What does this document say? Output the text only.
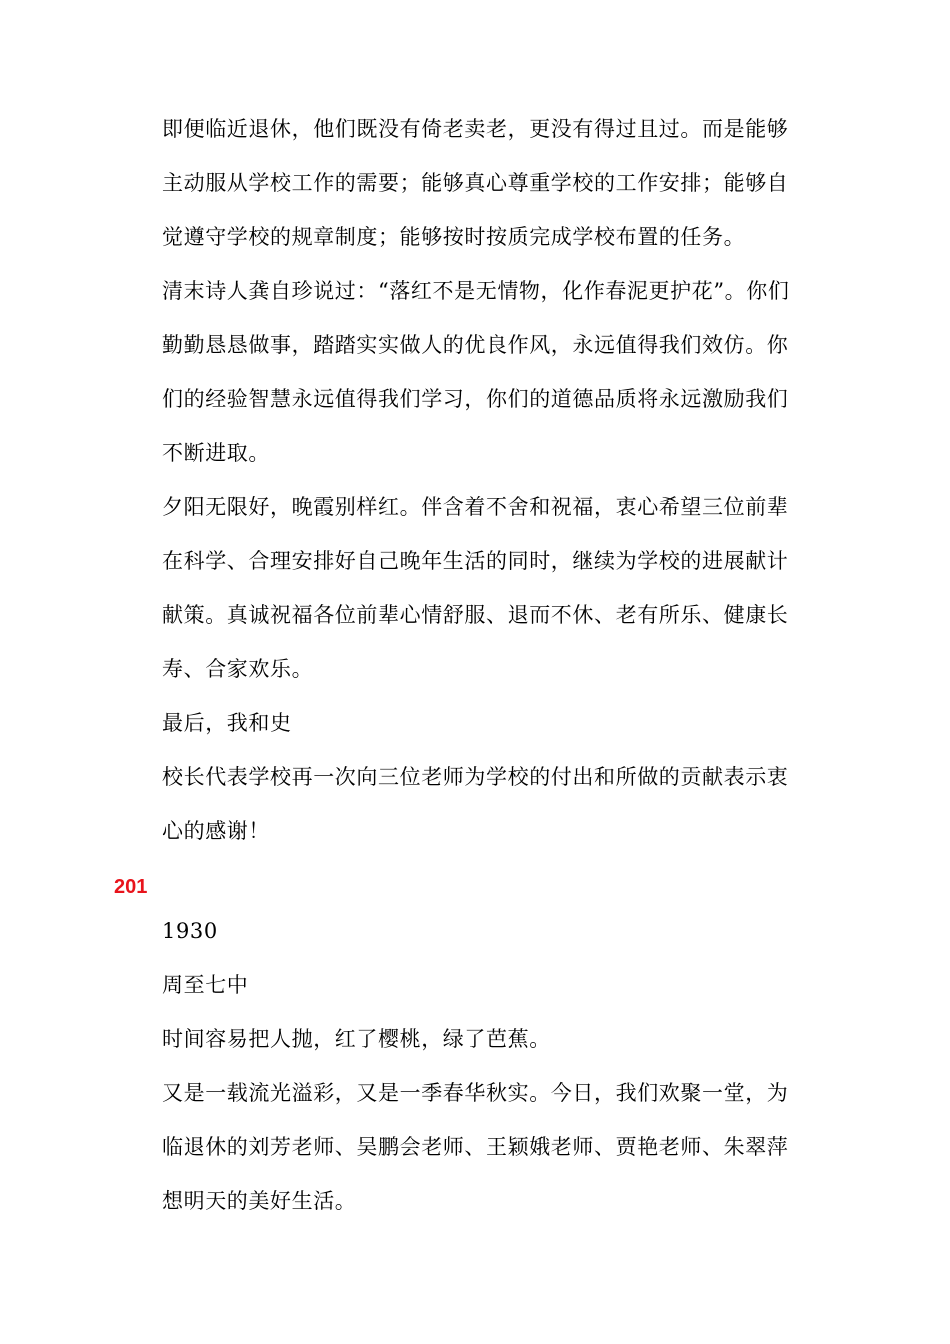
即便临近退休，他们既没有倚老卖老，更没有得过且过。而是能够
主动服从学校工作的需要；能够真心尊重学校的工作安排；能够自
觉遵守学校的规章制度；能够按时按质完成学校布置的任务。
清末诗人龚自珍说过：“落红不是无情物，化作春泥更护花”。你们
勤勤恳恳做事，踏踏实实做人的优良作风，永远值得我们效仿。你
们的经验智慧永远值得我们学习，你们的道德品质将永远激励我们
不断进取。
夕阳无限好，晚霞别样红。伴含着不舍和祝福，衷心希望三位前辈
在科学、合理安排好自己晚年生活的同时，继续为学校的进展献计
献策。真诚祝福各位前辈心情舒服、退而不休、老有所乐、健康长
寿、合家欢乐。
最后，我和史
校长代表学校再一次向三位老师为学校的付出和所做的贡献表示衷
心的感谢！
201
1930
周至七中
时间容易把人抛，红了樱桃，绿了芭蕉。
又是一载流光溢彩，又是一季春华秋实。今日，我们欢聚一堂，为
临退休的刘芳老师、吴鹏会老师、王颖娥老师、贾艳老师、朱翠萍
想明天的美好生活。
